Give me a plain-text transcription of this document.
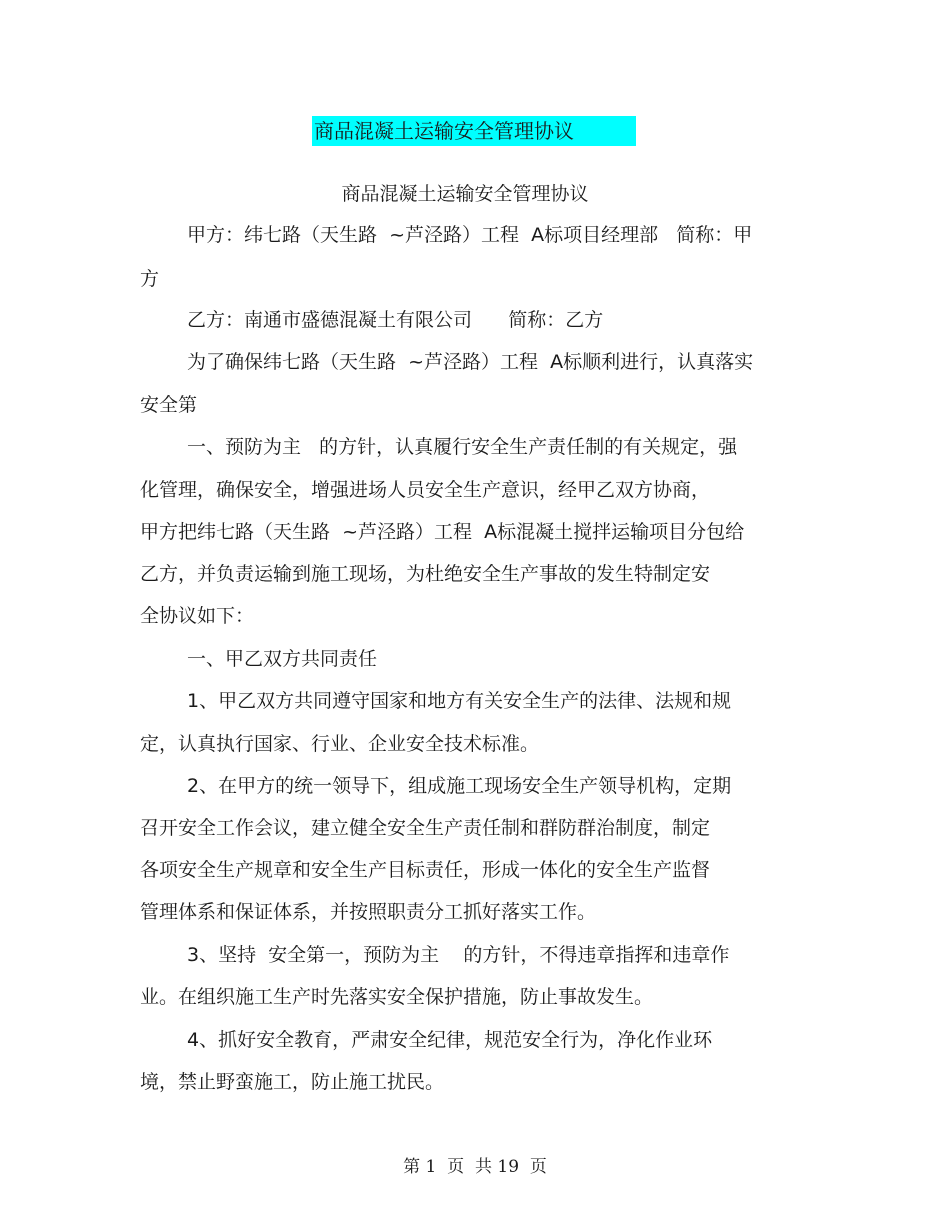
商品混凝土运输安全管理协议
商品混凝土运输安全管理协议
甲方：纬七路（天生路  ~芦泾路）工程  A标项目经理部   简称：甲
方
乙方：南通市盛德混凝土有限公司      简称：乙方
为了确保纬七路（天生路  ~芦泾路）工程  A标顺利进行，认真落实
安全第
一、预防为主   的方针，认真履行安全生产责任制的有关规定，强
化管理，确保安全，增强进场人员安全生产意识，经甲乙双方协商，
甲方把纬七路（天生路  ~芦泾路）工程  A标混凝土搅拌运输项目分包给
乙方，并负责运输到施工现场，为杜绝安全生产事故的发生特制定安
全协议如下：
一、甲乙双方共同责任
1、甲乙双方共同遵守国家和地方有关安全生产的法律、法规和规
定，认真执行国家、行业、企业安全技术标准。
2、在甲方的统一领导下，组成施工现场安全生产领导机构，定期
召开安全工作会议，建立健全安全生产责任制和群防群治制度，制定
各项安全生产规章和安全生产目标责任，形成一体化的安全生产监督
管理体系和保证体系，并按照职责分工抓好落实工作。
3、坚持  安全第一，预防为主    的方针，不得违章指挥和违章作
业。在组织施工生产时先落实安全保护措施，防止事故发生。
4、抓好安全教育，严肃安全纪律，规范安全行为，净化作业环
境，禁止野蛮施工，防止施工扰民。
第 1  页  共 19  页
